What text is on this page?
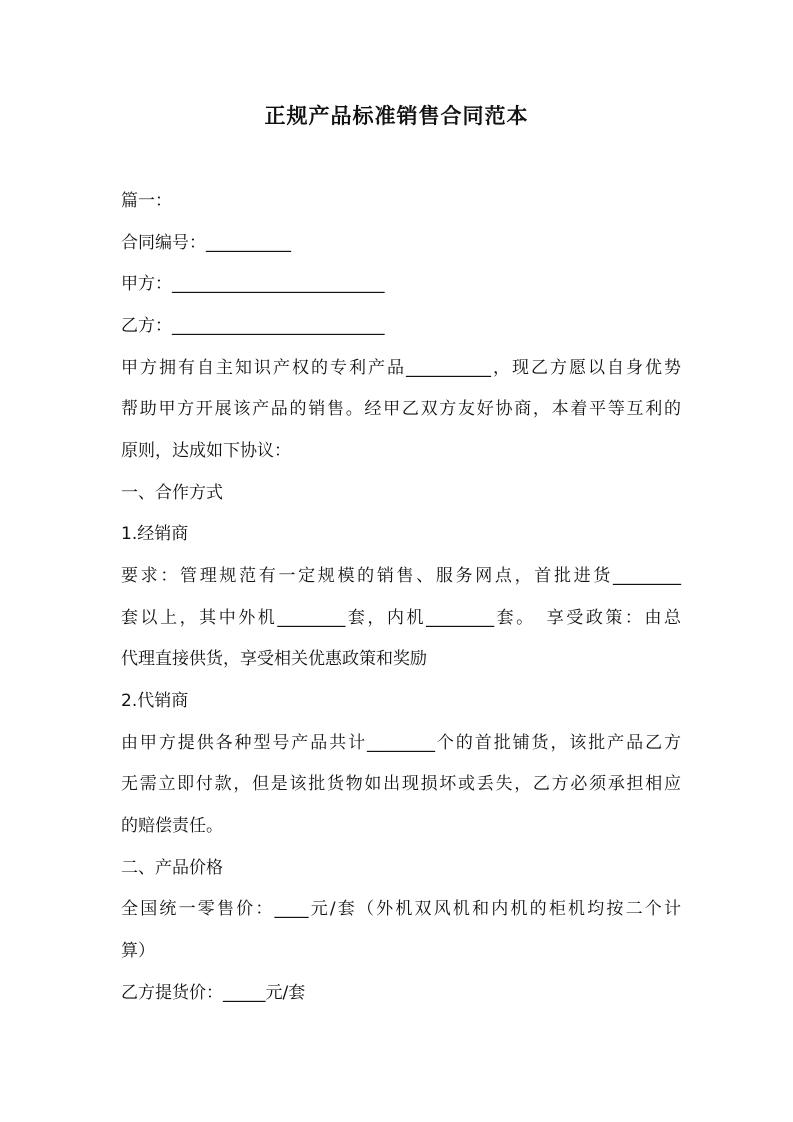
正规产品标准销售合同范本
篇一：
合同编号：__________
甲方：_________________________
乙方：_________________________
甲方拥有自主知识产权的专利产品__________，现乙方愿以自身优势
帮助甲方开展该产品的销售。经甲乙双方友好协商，本着平等互利的
原则，达成如下协议：
一、合作方式
1.经销商
要求：管理规范有一定规模的销售、服务网点，首批进货________
套以上，其中外机________套，内机________套。　享受政策：由总
代理直接供货，享受相关优惠政策和奖励
2.代销商
由甲方提供各种型号产品共计________个的首批铺货，该批产品乙方
无需立即付款，但是该批货物如出现损坏或丢失，乙方必须承担相应
的赔偿责任。
二、产品价格
全国统一零售价：____元/套（外机双风机和内机的柜机均按二个计
算）
乙方提货价：_____元/套
